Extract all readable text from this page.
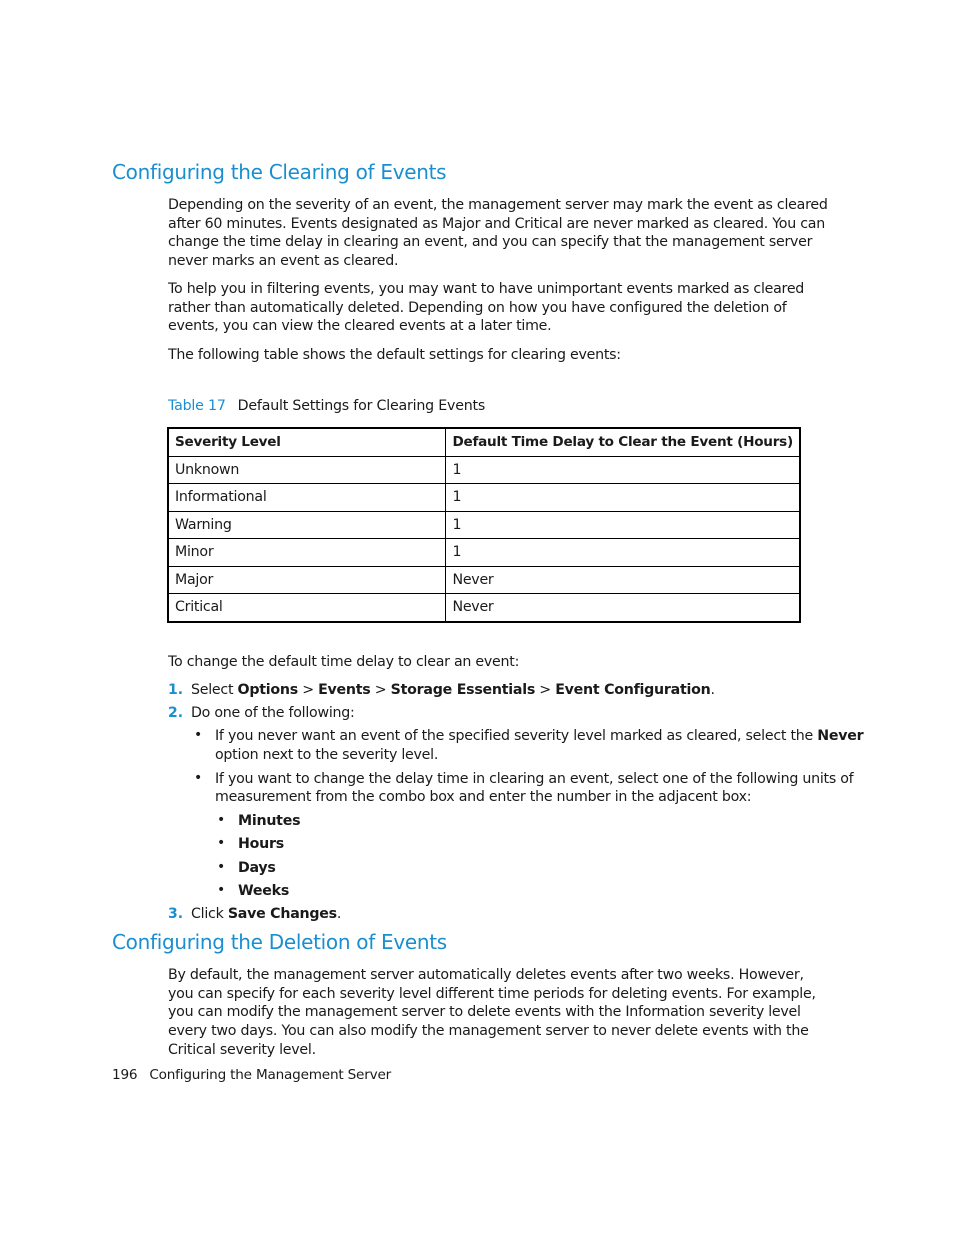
Configuring the Clearing of Events

Depending on the severity of an event, the management server may mark the event as cleared after 60 minutes. Events designated as Major and Critical are never marked as cleared. You can change the time delay in clearing an event, and you can specify that the management server never marks an event as cleared.

To help you in filtering events, you may want to have unimportant events marked as cleared rather than automatically deleted. Depending on how you have configured the deletion of events, you can view the cleared events at a later time.

The following table shows the default settings for clearing events:

Table 17 Default Settings for Clearing Events
Severity Level	Default Time Delay to Clear the Event (Hours)
Unknown	1
Informational	1
Warning	1
Minor	1
Major	Never
Critical	Never

To change the default time delay to clear an event:

1. Select Options > Events > Storage Essentials > Event Configuration.

2. Do one of the following:

• If you never want an event of the specified severity level marked as cleared, select the Never

option next to the severity level.

• If you want to change the delay time in clearing an event, select one of the following units of

measurement from the combo box and enter the number in the adjacent box:

• Minutes
• Hours
• Days
• Weeks
3. Click Save Changes.

Configuring the Deletion of Events

By default, the management server automatically deletes events after two weeks. However, you can specify for each severity level different time periods for deleting events. For example, you can modify the management server to delete events with the Information severity level every two days. You can also modify the management server to never delete events with the Critical severity level.

196 Configuring the Management Server
